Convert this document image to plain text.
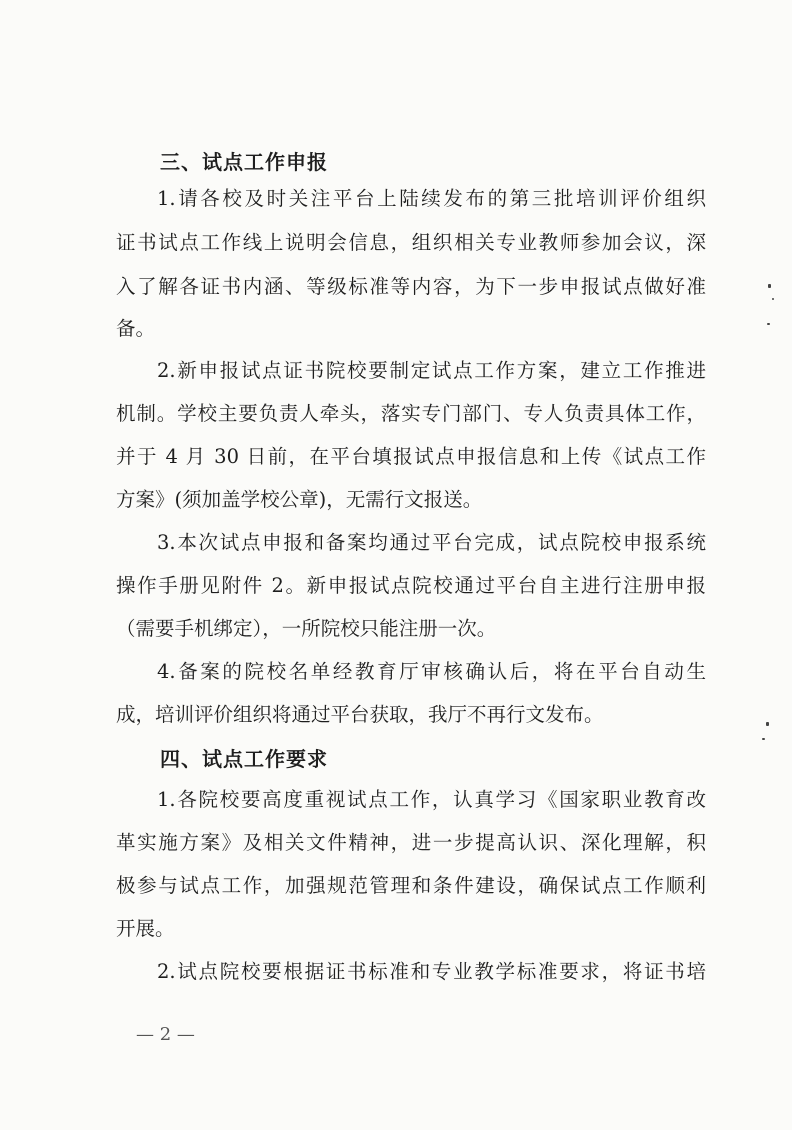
三、试点工作申报
1.请各校及时关注平台上陆续发布的第三批培训评价组织
证书试点工作线上说明会信息，组织相关专业教师参加会议，深
入了解各证书内涵、等级标准等内容，为下一步申报试点做好准
备。
2.新申报试点证书院校要制定试点工作方案，建立工作推进
机制。学校主要负责人牵头，落实专门部门、专人负责具体工作，
并于 4 月 30 日前，在平台填报试点申报信息和上传《试点工作
方案》(须加盖学校公章)，无需行文报送。
3.本次试点申报和备案均通过平台完成，试点院校申报系统
操作手册见附件 2。新申报试点院校通过平台自主进行注册申报
（需要手机绑定），一所院校只能注册一次。
4.备案的院校名单经教育厅审核确认后，将在平台自动生
成，培训评价组织将通过平台获取，我厅不再行文发布。
四、试点工作要求
1.各院校要高度重视试点工作，认真学习《国家职业教育改
革实施方案》及相关文件精神，进一步提高认识、深化理解，积
极参与试点工作，加强规范管理和条件建设，确保试点工作顺利
开展。
2.试点院校要根据证书标准和专业教学标准要求，将证书培
— 2 —
